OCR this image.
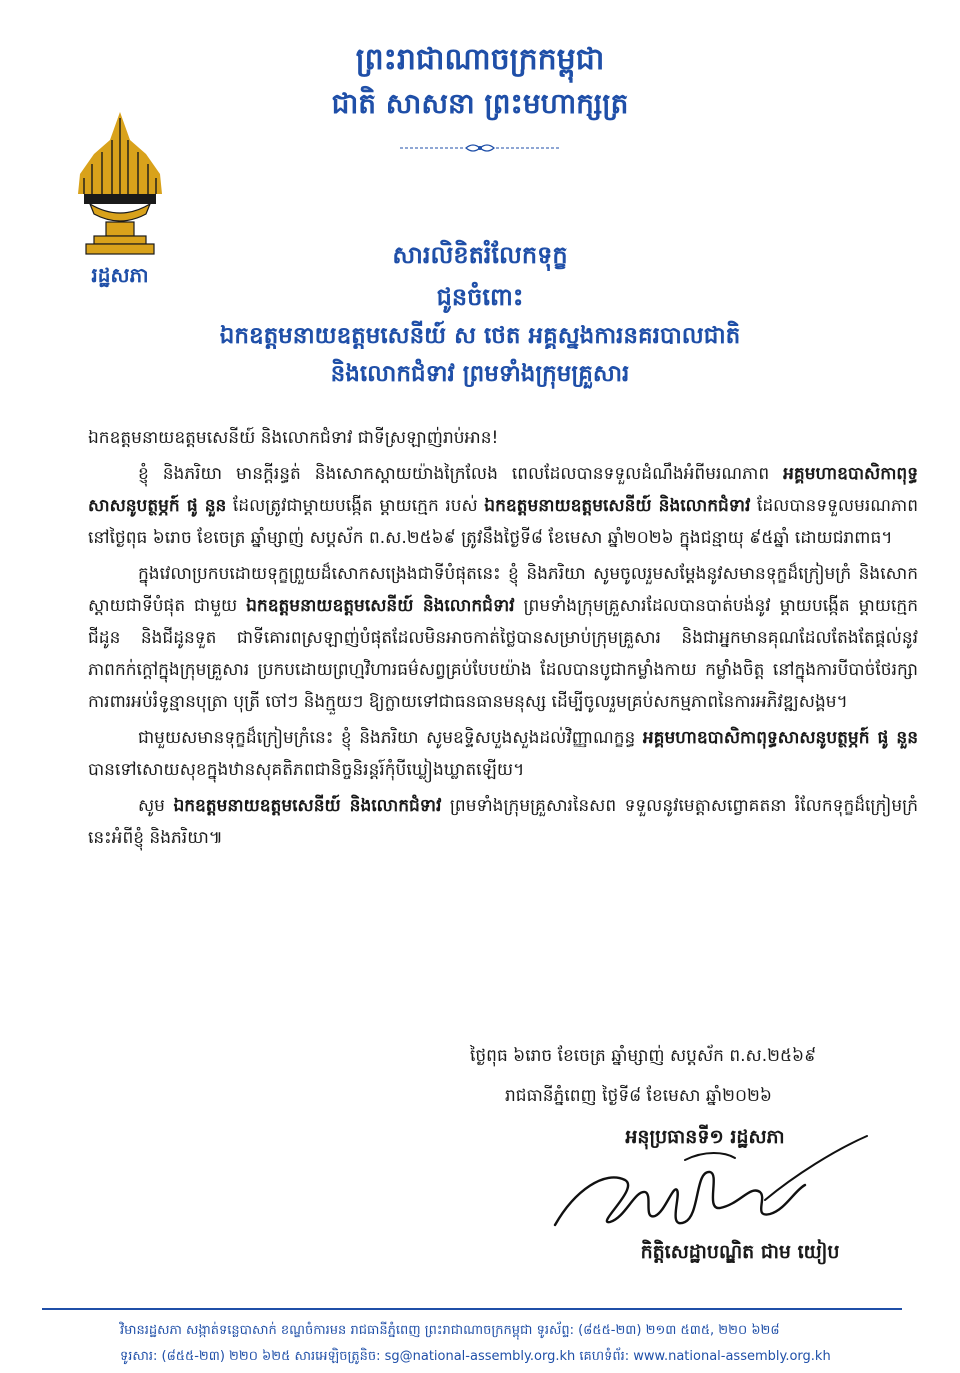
ព្រះរាជាណាចក្រកម្ពុជា
ជាតិ សាសនា ព្រះមហាក្សត្រ
រដ្ឋសភា
សារលិខិតរំលែកទុក្ខ
ជូនចំពោះ
ឯកឧត្តមនាយឧត្តមសេនីយ៍ ស ថេត អគ្គស្នងការនគរបាលជាតិ
និងលោកជំទាវ ព្រមទាំងក្រុមគ្រួសារ

ឯកឧត្តមនាយឧត្តមសេនីយ៍ និងលោកជំទាវ ជាទីស្រឡាញ់រាប់អាន!

ខ្ញុំ និងភរិយា មានក្តីរន្ធត់ និងសោកស្តាយយ៉ាងក្រៃលែង ពេលដែលបានទទួលដំណឹងអំពីមរណភាព អគ្គមហាឧបាសិកាពុទ្ធសាសនូបត្ថម្ភក៍ ផូ នួន ដែលត្រូវជាម្តាយបង្កើត ម្តាយក្មេក របស់ ឯកឧត្តមនាយឧត្តមសេនីយ៍ និងលោកជំទាវ ដែលបានទទួលមរណភាព នៅថ្ងៃពុធ ៦រោច ខែចេត្រ ឆ្នាំម្សាញ់ សប្តស័ក ព.ស.២៥៦៩ ត្រូវនឹងថ្ងៃទី៨ ខែមេសា ឆ្នាំ២០២៦ ក្នុងជន្មាយុ ៩៥ឆ្នាំ ដោយជរាពាធ។

ក្នុងវេលាប្រកបដោយទុក្ខព្រួយដ៏សោកសង្រេងជាទីបំផុតនេះ ខ្ញុំ និងភរិយា សូមចូលរួមសម្តែងនូវសមានទុក្ខដ៏ក្រៀមក្រំ និងសោកស្តាយជាទីបំផុត ជាមួយ ឯកឧត្តមនាយឧត្តមសេនីយ៍ និងលោកជំទាវ ព្រមទាំងក្រុមគ្រួសារដែលបានបាត់បង់នូវ ម្តាយបង្កើត ម្តាយក្មេក ជីដូន និងជីដូនទួត ជាទីគោរពស្រឡាញ់បំផុតដែលមិនអាចកាត់ថ្លៃបានសម្រាប់ក្រុមគ្រួសារ និងជាអ្នកមានគុណដែលតែងតែផ្តល់នូវភាពកក់ក្តៅក្នុងក្រុមគ្រួសារ ប្រកបដោយព្រហ្មវិហារធម៌សព្វគ្រប់បែបយ៉ាង ដែលបានបូជាកម្លាំងកាយ កម្លាំងចិត្ត នៅក្នុងការបីបាច់ថែរក្សា ការពារអប់រំទូន្មានបុត្រា បុត្រី ចៅៗ និងក្មួយៗ ឱ្យក្លាយទៅជាធនធានមនុស្ស ដើម្បីចូលរួមគ្រប់សកម្មភាពនៃការអភិវឌ្ឍសង្គម។

ជាមួយសមានទុក្ខដ៏ក្រៀមក្រំនេះ ខ្ញុំ និងភរិយា សូមឧទ្ទិសបួងសួងដល់វិញ្ញាណក្ខន្ធ អគ្គមហាឧបាសិកាពុទ្ធសាសនូបត្ថម្ភក៍ ផូ នួន បានទៅសោយសុខក្នុងឋានសុគតិភពជានិច្ចនិរន្តរ៍កុំបីឃ្លៀងឃ្លាតឡើយ។

សូម ឯកឧត្តមនាយឧត្តមសេនីយ៍ និងលោកជំទាវ ព្រមទាំងក្រុមគ្រួសារនៃសព ទទួលនូវមេត្តាសព្វោគតនា រំលែកទុក្ខដ៏ក្រៀមក្រំនេះអំពីខ្ញុំ និងភរិយា៕

ថ្ងៃពុធ ៦រោច ខែចេត្រ ឆ្នាំម្សាញ់ សប្តស័ក ព.ស.២៥៦៩
រាជធានីភ្នំពេញ ថ្ងៃទី៨ ខែមេសា ឆ្នាំ២០២៦
អនុប្រធានទី១ រដ្ឋសភា
កិត្តិសេដ្ឋាបណ្ឌិត ជាម យៀប
វិមានរដ្ឋសភា សង្កាត់ទន្លេបាសាក់ ខណ្ឌចំការមន រាជធានីភ្នំពេញ ព្រះរាជាណាចក្រកម្ពុជា ទូរស័ព្ទ: (៨៥៥-២៣) ២១៣ ៥៣៥, ២២០ ៦២៨
ទូរសារ: (៨៥៥-២៣) ២២០ ៦២៥ សារអេឡិចត្រូនិច: sg@national-assembly.org.kh គេហទំព័រ: www.national-assembly.org.kh
